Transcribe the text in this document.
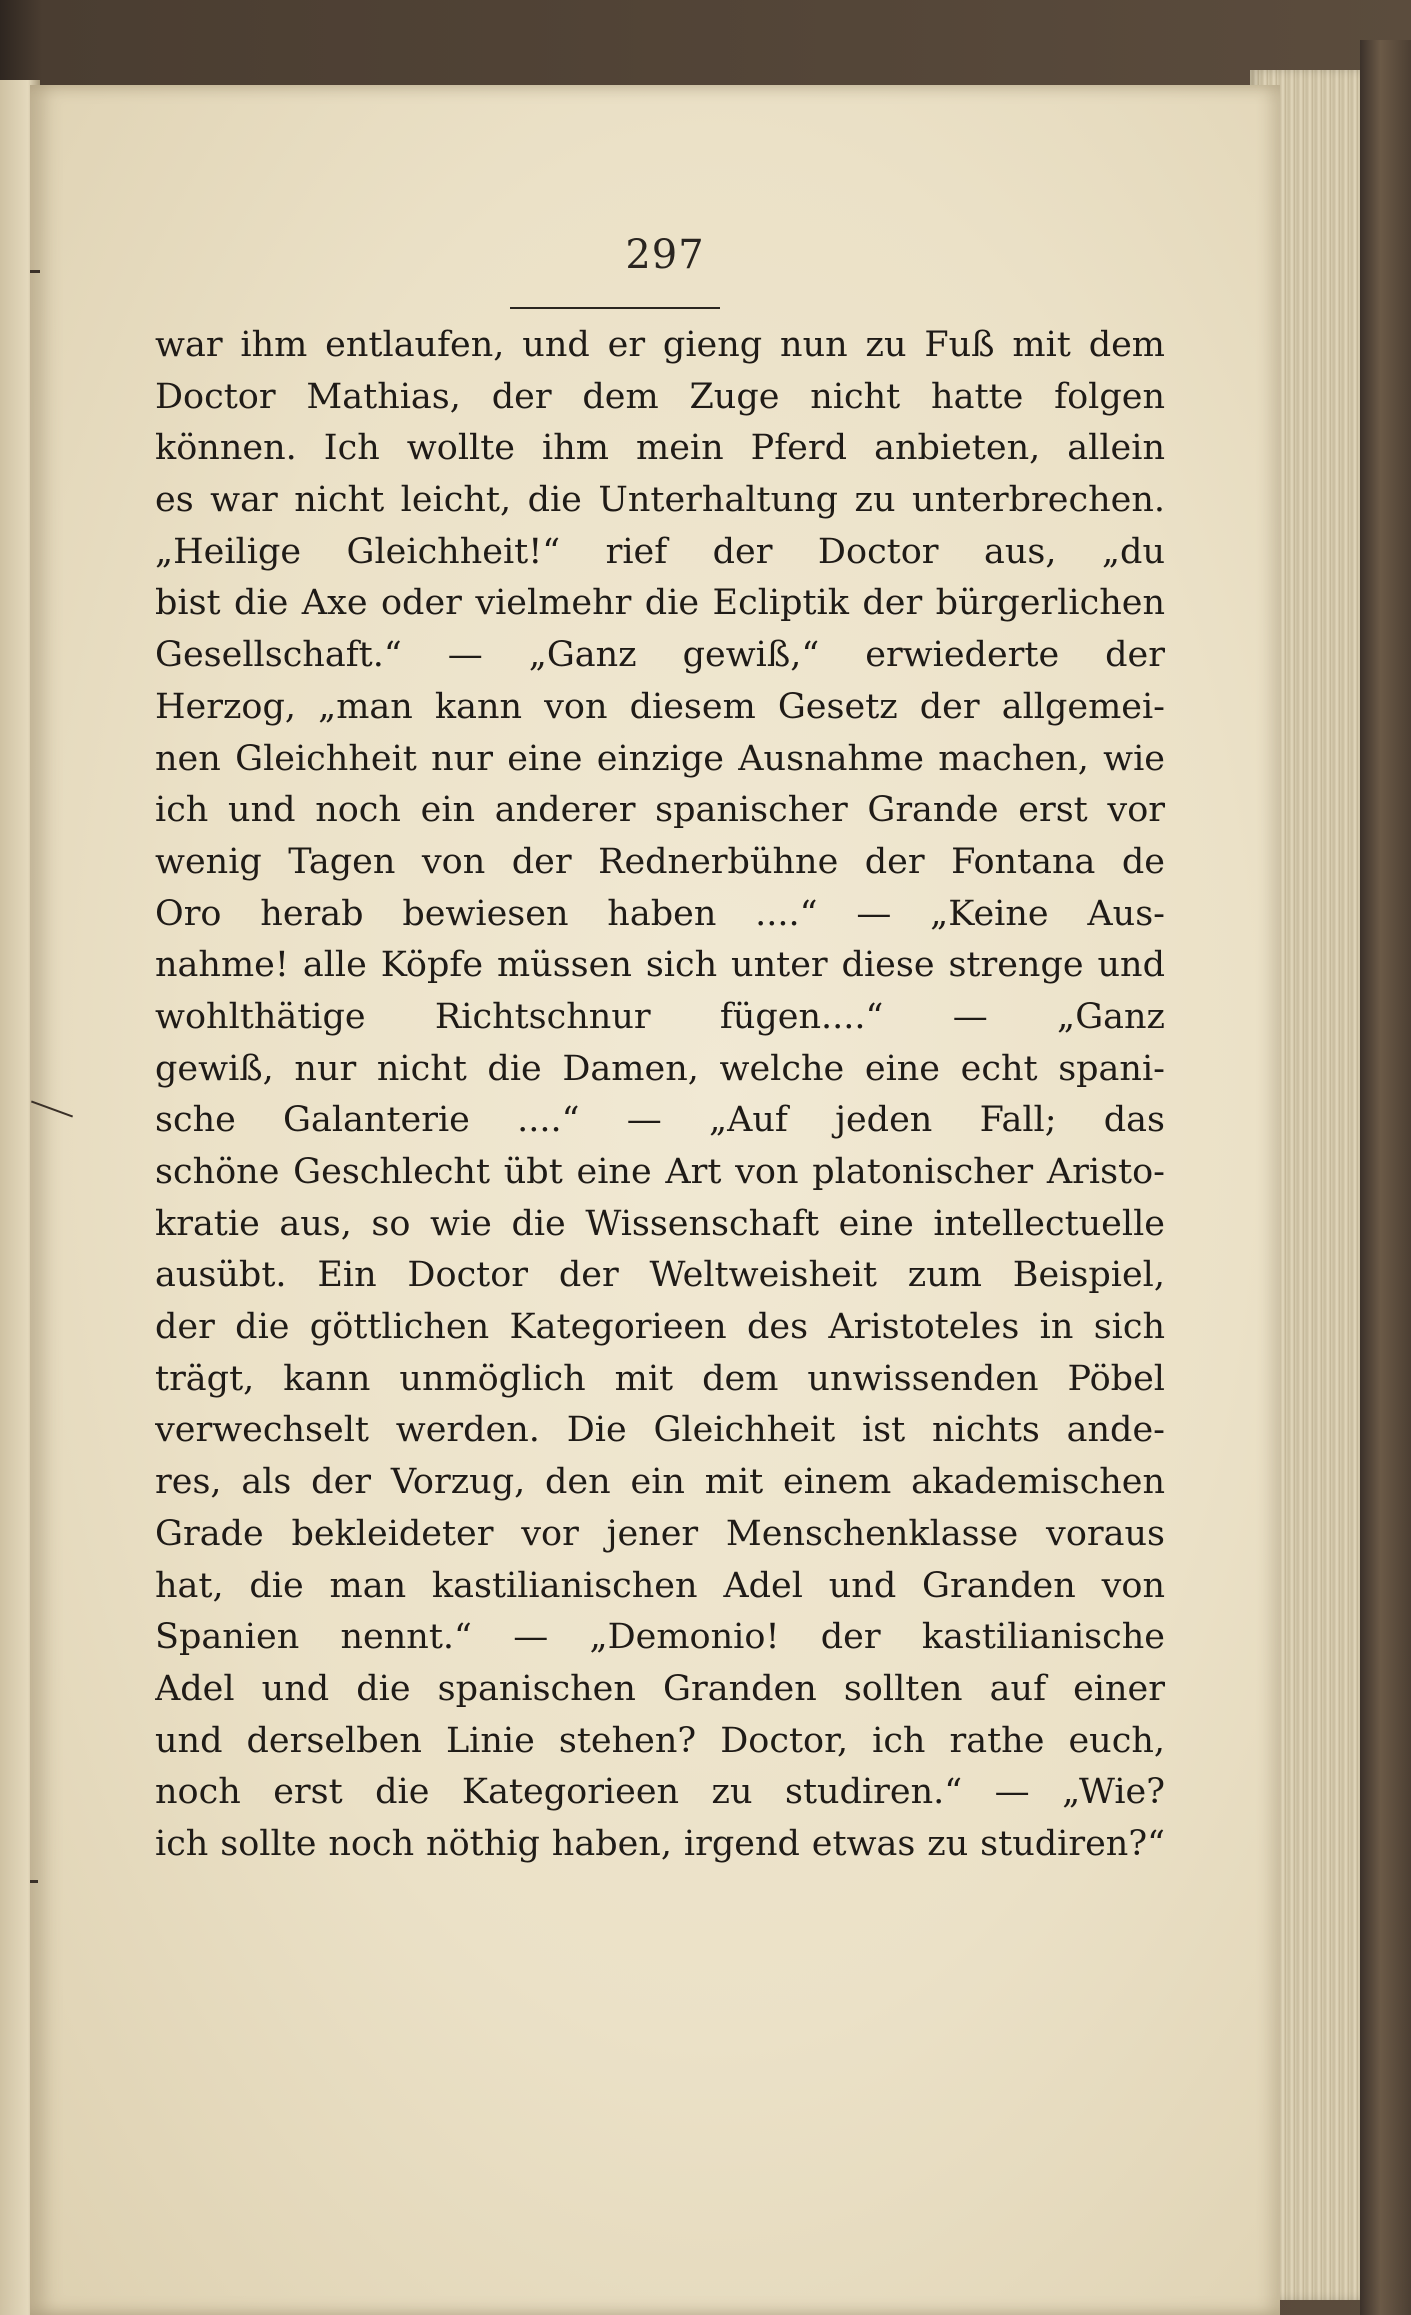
297
war ihm entlaufen, und er gieng nun zu Fuß mit dem
Doctor Mathias, der dem Zuge nicht hatte folgen
können. Ich wollte ihm mein Pferd anbieten, allein
es war nicht leicht, die Unterhaltung zu unterbrechen.
„Heilige Gleichheit!“ rief der Doctor aus, „du
bist die Axe oder vielmehr die Ecliptik der bürgerlichen
Gesellschaft.“ — „Ganz gewiß,“ erwiederte der
Herzog, „man kann von diesem Gesetz der allgemei-
nen Gleichheit nur eine einzige Ausnahme machen, wie
ich und noch ein anderer spanischer Grande erst vor
wenig Tagen von der Rednerbühne der Fontana de
Oro herab bewiesen haben ....“ — „Keine Aus-
nahme! alle Köpfe müssen sich unter diese strenge und
wohlthätige Richtschnur fügen....“ — „Ganz
gewiß, nur nicht die Damen, welche eine echt spani-
sche Galanterie ....“ — „Auf jeden Fall; das
schöne Geschlecht übt eine Art von platonischer Aristo-
kratie aus, so wie die Wissenschaft eine intellectuelle
ausübt. Ein Doctor der Weltweisheit zum Beispiel,
der die göttlichen Kategorieen des Aristoteles in sich
trägt, kann unmöglich mit dem unwissenden Pöbel
verwechselt werden. Die Gleichheit ist nichts ande-
res, als der Vorzug, den ein mit einem akademischen
Grade bekleideter vor jener Menschenklasse voraus
hat, die man kastilianischen Adel und Granden von
Spanien nennt.“ — „Demonio! der kastilianische
Adel und die spanischen Granden sollten auf einer
und derselben Linie stehen? Doctor, ich rathe euch,
noch erst die Kategorieen zu studiren.“ — „Wie?
ich sollte noch nöthig haben, irgend etwas zu studiren?“
